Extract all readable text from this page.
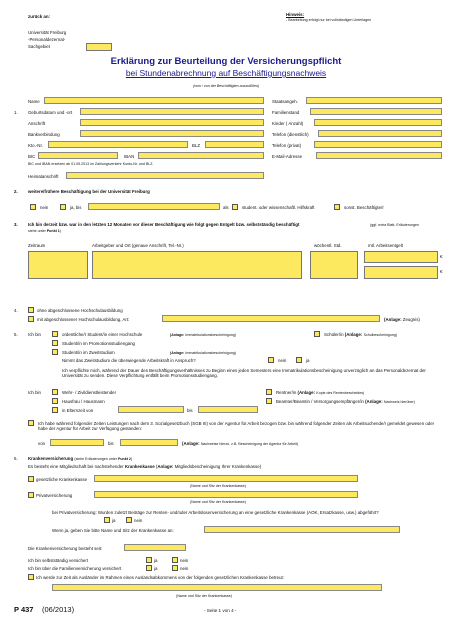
zurück an:
Universität Freiburg
-Personaldezernat-
Sachgebiet
Hinweis:
- Bearbeitung erfolgt nur bei vollständigen Unterlagen
Erklärung zur Beurteilung der Versicherungspflicht
bei Stundenabrechnung auf Beschäftigungsnachweis
(vom / von der Beschäftigten auszufüllen)
Name
1. Geburtsdatum und -ort
Anschrift
Bankverbindung
Kto.-Nr.	BLZ
BIC	IBAN
BIC und IBAN ersetzen ab 01.05.2013 im Zahlungsverkehr Konto-Nr. und BLZ.
Heimatanschrift
Staatsangeh.
Familienstand
Kinder ( Anzahl)
Telefon (dienstlich)
Telefon (privat)
E-Mail-Adresse
2. weitere/frühere Beschäftigung bei der Universität Freiburg
nein	ja, bis	als	student. oder wissenschaftl. Hilfskraft	sonst. Beschäftigte/r
3. Ich bin derzeit bzw. war in den letzten 12 Monaten vor dieser Beschäftigung wie folgt gegen Entgelt bzw. selbstständig beschäftigt	(ggf. extra Blatt, Erläuterungen
siehe unter Punkt 1)
Zeitraum	Arbeitgeber und Ort (genaue Anschrift, Tel.-Nr.)	wöchentl. Std.	mtl. Arbeitsentgelt
€
€
4.	ohne abgeschlossene Hochschulausbildung
mit abgeschlossener Hochschulausbildung, Art:	(Anlage: Zeugnis)
5. Ich bin	ordentliche/r Student/in einer Hochschule	(Anlage: Immatrikulationsbescheinigung)	Schüler/in (Anlage: Schulbescheinigung)
Student/in im Promotionsstudiengang
Student/in im Zweitstudium	(Anlage: Immatrikulationsbescheinigung)
Nimmt das Zweitstudium die überwiegende Arbeitskraft in Anspruch?	nein	ja
Ich verpflichte mich, während der Dauer des Beschäftigungsverhältnisses zu Beginn eines jeden Semesters eine Immatrikulationsbescheinigung unverzüglich an das Personaldezernat der Universität zu senden. Diese Verpflichtung entfällt beim Promotionsstudiengang.
Ich bin	Wehr- / Zivildienstleistender
Hausfrau / Hausmann
in Elternzeit von	bis
Rentner/in (Anlage: Kopie des Rentenbescheides)
Beamter/Beamtin / Versorgungsempfänger/in (Anlage: Nachweis hierüber)
Ich habe während folgender Zeiten Leistungen nach dem 3. Sozialgesetzbuch (SGB III) von der Agentur für Arbeit bezogen bzw. bin während folgender Zeiten als Arbeitsuchende/r gemeldet gewesen oder habe der Agentur für Arbeit zur Verfügung gestanden:
von	bis	(Anlage: Nachweise hierzu, z.B. Bescheinigung der Agentur für Arbeit)
6. Krankenversicherung (siehe Erläuterungen unter Punkt 2)
Es besteht eine Mitgliedschaft bei nachstehender Krankenkasse (Anlage: Mitgliedsbescheinigung Ihrer Krankenkasse)
gesetzliche Krankenkasse
(Name und Sitz der Krankenkasse)
Privatversicherung
(Name und Sitz der Krankenkasse)
bei Privatversicherung: Wurden zuletzt Beiträge zur Renten- und/oder Arbeitslosenversicherung an eine gesetzliche Krankenkasse (AOK, Ersatzkasse, usw.) abgeführt?
ja	nein
Wenn ja, geben Sie bitte Name und Sitz der Krankenkasse an:
Die Krankenversicherung besteht seit:
Ich bin selbstständig versichert	ja	nein
Ich bin über die Familienversicherung versichert	ja	nein
Ich werde zur Zeit als Ausländer im Rahmen eines Auslandsabkommens von der folgenden gesetzlichen Krankenkasse betreut:
(Name und Sitz der Krankenkasse)
P 437 (06/2013)	- Seite 1 von 4 -
